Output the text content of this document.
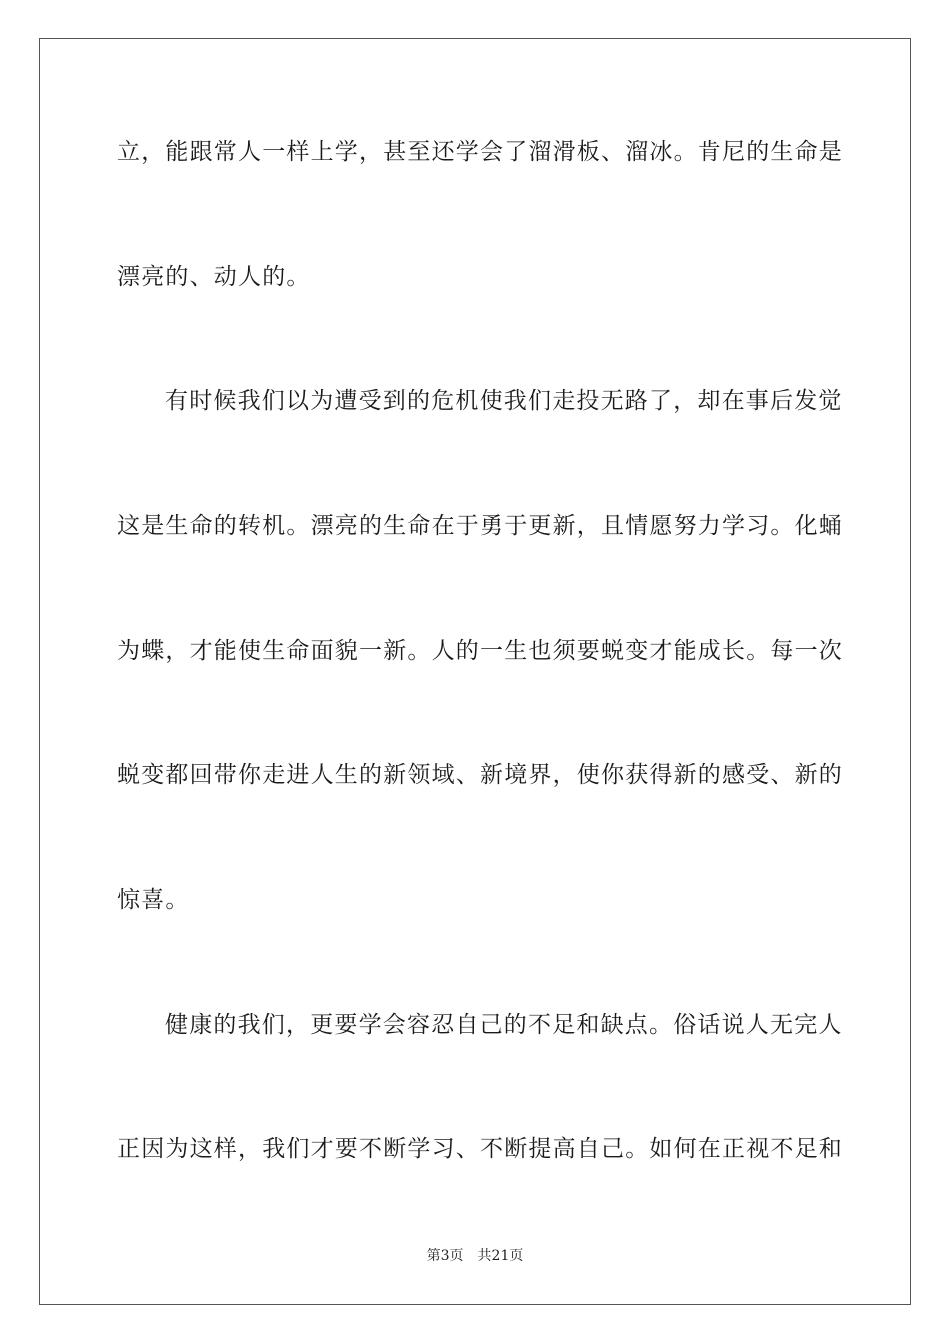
立，能跟常人一样上学，甚至还学会了溜滑板、溜冰。肯尼的生命是
漂亮的、动人的。
有时候我们以为遭受到的危机使我们走投无路了，却在事后发觉
这是生命的转机。漂亮的生命在于勇于更新，且情愿努力学习。化蛹
为蝶，才能使生命面貌一新。人的一生也须要蜕变才能成长。每一次
蜕变都回带你走进人生的新领域、新境界，使你获得新的感受、新的
惊喜。
健康的我们，更要学会容忍自己的不足和缺点。俗话说人无完人
正因为这样，我们才要不断学习、不断提高自己。如何在正视不足和
第3页 共21页
